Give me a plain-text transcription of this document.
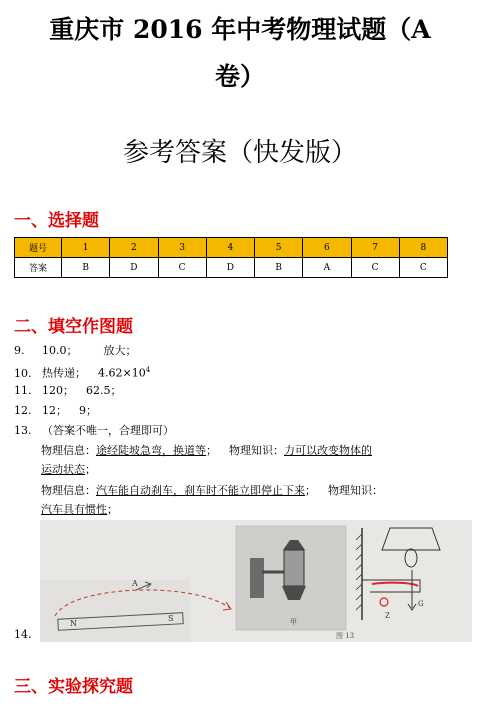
重庆市 2016 年中考物理试题（A
卷）
参考答案（快发版）
一、选择题
题号	1	2	3	4	5	6	7	8
答案	B	D	C	D	B	A	C	C
二、填空作图题
9. 10.0； 放大；
10. 热传递； $4.62\times 10^4$
11. 120； 62.5；
12. 12； 9；
13. （答案不唯一，合理即可）
物理信息：途经陡坡急弯，换道等； 物理知识：力可以改变物体的
运动状态；
物理信息：汽车能自动刹车，刹车时不能立即停止下来； 物理知识：
汽车具有惯性；
14.
A
N
S	甲
G
Z
图 13
三、实验探究题
